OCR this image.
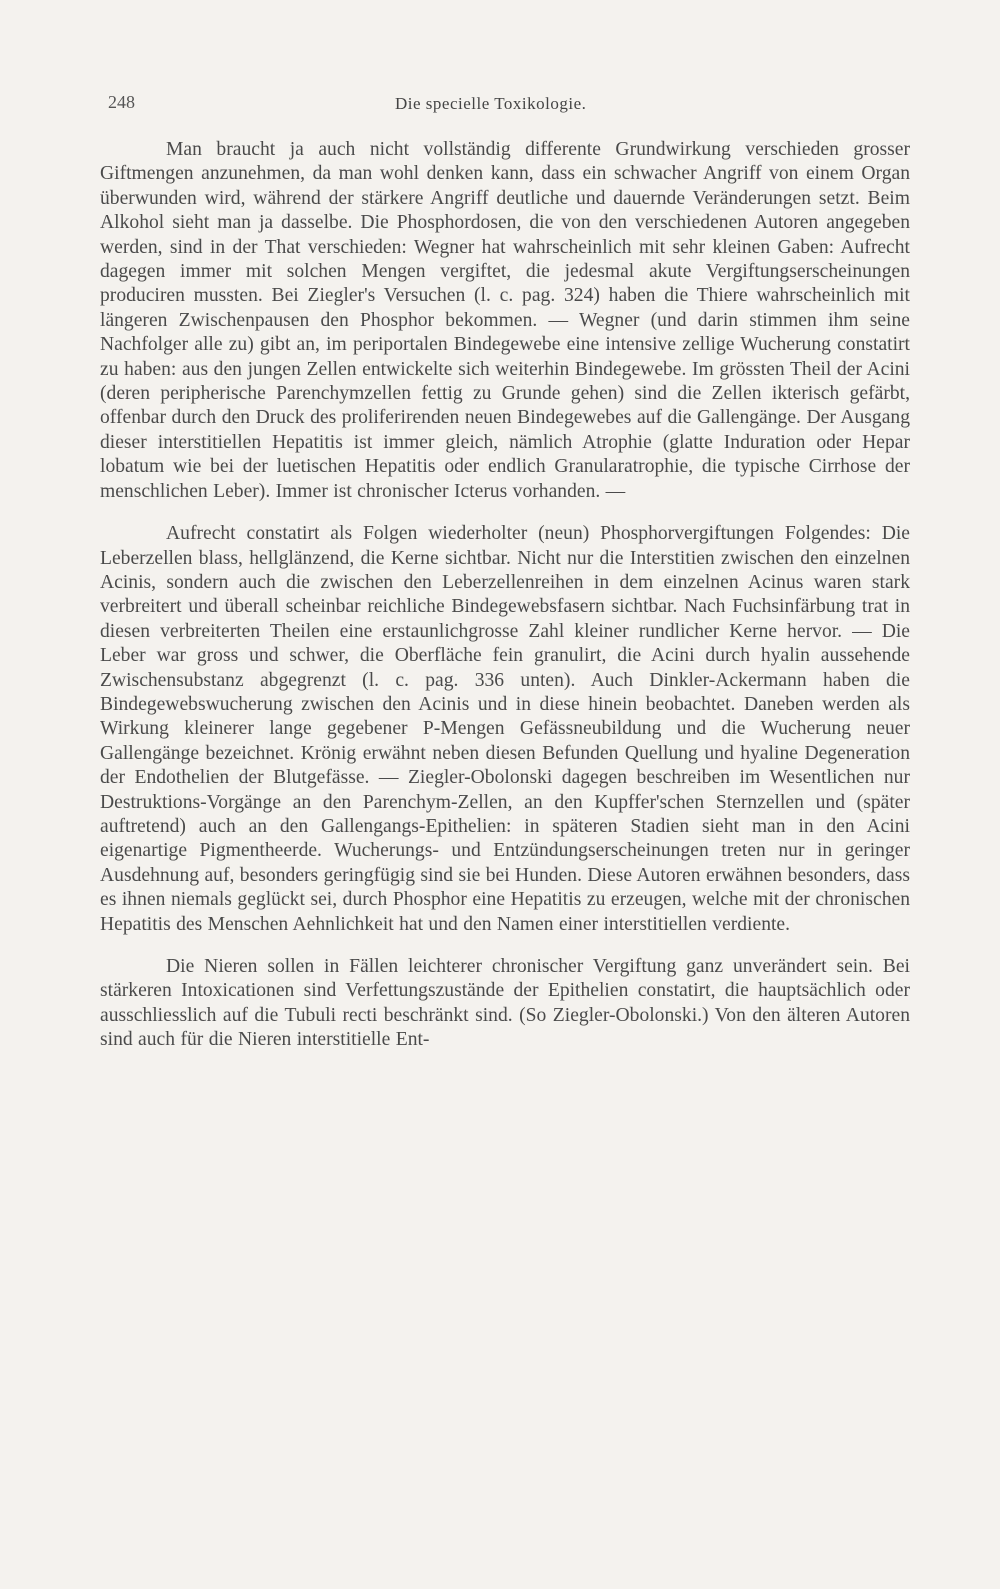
248	Die specielle Toxikologie.

Man braucht ja auch nicht vollständig differente Grundwirkung verschieden grosser Giftmengen anzunehmen, da man wohl denken kann, dass ein schwacher Angriff von einem Organ überwunden wird, während der stärkere Angriff deutliche und dauernde Veränderungen setzt. Beim Alkohol sieht man ja dasselbe. Die Phosphordosen, die von den verschiedenen Autoren angegeben werden, sind in der That verschieden: Wegner hat wahrscheinlich mit sehr kleinen Gaben: Aufrecht dagegen immer mit solchen Mengen vergiftet, die jedesmal akute Vergiftungserscheinungen produciren mussten. Bei Ziegler's Versuchen (l. c. pag. 324) haben die Thiere wahrscheinlich mit längeren Zwischenpausen den Phosphor bekommen. — Wegner (und darin stimmen ihm seine Nachfolger alle zu) gibt an, im periportalen Bindegewebe eine intensive zellige Wucherung constatirt zu haben: aus den jungen Zellen entwickelte sich weiterhin Bindegewebe. Im grössten Theil der Acini (deren peripherische Parenchymzellen fettig zu Grunde gehen) sind die Zellen ikterisch gefärbt, offenbar durch den Druck des proliferirenden neuen Bindegewebes auf die Gallengänge. Der Ausgang dieser interstitiellen Hepatitis ist immer gleich, nämlich Atrophie (glatte Induration oder Hepar lobatum wie bei der luetischen Hepatitis oder endlich Granularatrophie, die typische Cirrhose der menschlichen Leber). Immer ist chronischer Icterus vorhanden. —

Aufrecht constatirt als Folgen wiederholter (neun) Phosphorvergiftungen Folgendes: Die Leberzellen blass, hellglänzend, die Kerne sichtbar. Nicht nur die Interstitien zwischen den einzelnen Acinis, sondern auch die zwischen den Leberzellenreihen in dem einzelnen Acinus waren stark verbreitert und überall scheinbar reichliche Bindegewebsfasern sichtbar. Nach Fuchsinfärbung trat in diesen verbreiterten Theilen eine erstaunlichgrosse Zahl kleiner rundlicher Kerne hervor. — Die Leber war gross und schwer, die Oberfläche fein granulirt, die Acini durch hyalin aussehende Zwischensubstanz abgegrenzt (l. c. pag. 336 unten). Auch Dinkler-Ackermann haben die Bindegewebswucherung zwischen den Acinis und in diese hinein beobachtet. Daneben werden als Wirkung kleinerer lange gegebener P-Mengen Gefässneubildung und die Wucherung neuer Gallengänge bezeichnet. Krönig erwähnt neben diesen Befunden Quellung und hyaline Degeneration der Endothelien der Blutgefässe. — Ziegler-Obolonski dagegen beschreiben im Wesentlichen nur Destruktions-Vorgänge an den Parenchym-Zellen, an den Kupffer'schen Sternzellen und (später auftretend) auch an den Gallengangs-Epithelien: in späteren Stadien sieht man in den Acini eigenartige Pigmentheerde. Wucherungs- und Entzündungserscheinungen treten nur in geringer Ausdehnung auf, besonders geringfügig sind sie bei Hunden. Diese Autoren erwähnen besonders, dass es ihnen niemals geglückt sei, durch Phosphor eine Hepatitis zu erzeugen, welche mit der chronischen Hepatitis des Menschen Aehnlichkeit hat und den Namen einer interstitiellen verdiente.

Die Nieren sollen in Fällen leichterer chronischer Vergiftung ganz unverändert sein. Bei stärkeren Intoxicationen sind Verfettungszustände der Epithelien constatirt, die hauptsächlich oder ausschliesslich auf die Tubuli recti beschränkt sind. (So Ziegler-Obolonski.) Von den älteren Autoren sind auch für die Nieren interstitielle Ent-
